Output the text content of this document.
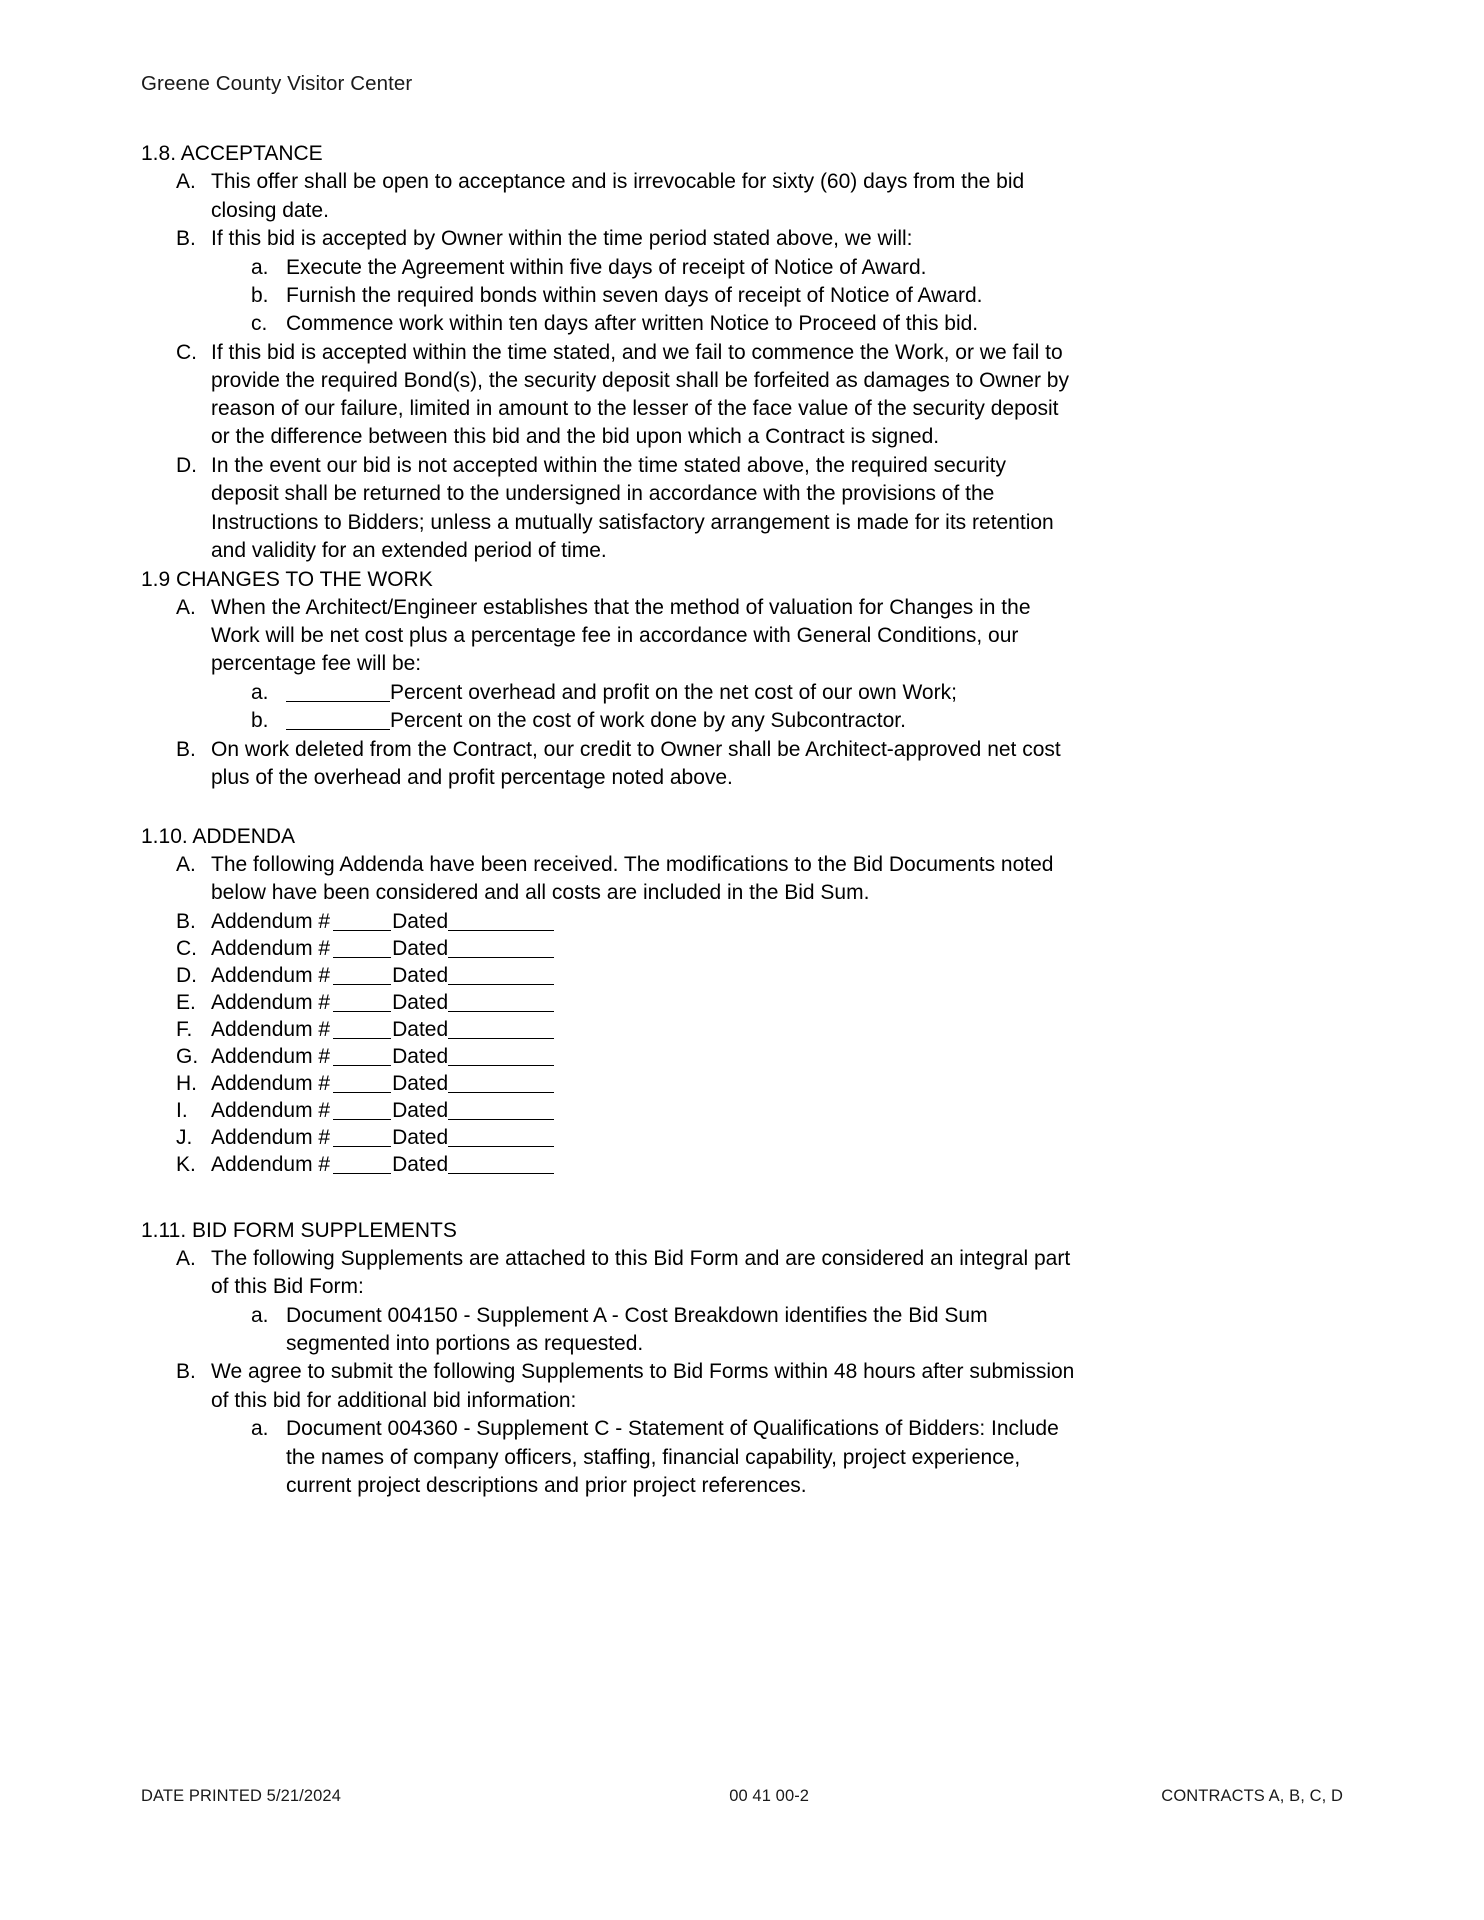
Greene County Visitor Center
1.8. ACCEPTANCE
A. This offer shall be open to acceptance and is irrevocable for sixty (60) days from the bid closing date.
B. If this bid is accepted by Owner within the time period stated above, we will:
a. Execute the Agreement within five days of receipt of Notice of Award.
b. Furnish the required bonds within seven days of receipt of Notice of Award.
c. Commence work within ten days after written Notice to Proceed of this bid.
C. If this bid is accepted within the time stated, and we fail to commence the Work, or we fail to provide the required Bond(s), the security deposit shall be forfeited as damages to Owner by reason of our failure, limited in amount to the lesser of the face value of the security deposit or the difference between this bid and the bid upon which a Contract is signed.
D. In the event our bid is not accepted within the time stated above, the required security deposit shall be returned to the undersigned in accordance with the provisions of the Instructions to Bidders; unless a mutually satisfactory arrangement is made for its retention and validity for an extended period of time.
1.9 CHANGES TO THE WORK
A. When the Architect/Engineer establishes that the method of valuation for Changes in the Work will be net cost plus a percentage fee in accordance with General Conditions, our percentage fee will be:
a.	Percent overhead and profit on the net cost of our own Work;
b.	Percent on the cost of work done by any Subcontractor.
B. On work deleted from the Contract, our credit to Owner shall be Architect-approved net cost plus of the overhead and profit percentage noted above.
1.10. ADDENDA
A. The following Addenda have been received. The modifications to the Bid Documents noted below have been considered and all costs are included in the Bid Sum.
B. Addendum #	Dated
C. Addendum #	Dated
D. Addendum #	Dated
E. Addendum #	Dated
F. Addendum #	Dated
G. Addendum #	Dated
H. Addendum #	Dated
I.	Addendum #	Dated
J. Addendum #	Dated
K. Addendum #	Dated
1.11. BID FORM SUPPLEMENTS
A. The following Supplements are attached to this Bid Form and are considered an integral part of this Bid Form:
a. Document 004150 - Supplement A - Cost Breakdown identifies the Bid Sum segmented into portions as requested.
B. We agree to submit the following Supplements to Bid Forms within 48 hours after submission of this bid for additional bid information:
a. Document 004360 - Supplement C - Statement of Qualifications of Bidders: Include the names of company officers, staffing, financial capability, project experience, current project descriptions and prior project references.
DATE PRINTED 5/21/2024	00 41 00-2	CONTRACTS A, B, C, D
